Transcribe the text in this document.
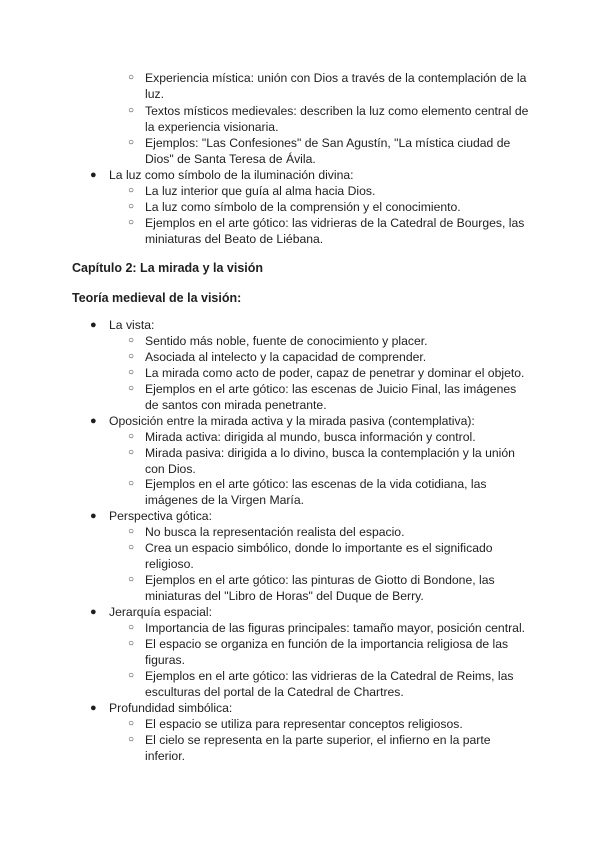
○ Experiencia mística: unión con Dios a través de la contemplación de la luz.
○ Textos místicos medievales: describen la luz como elemento central de la experiencia visionaria.
○ Ejemplos: "Las Confesiones" de San Agustín, "La mística ciudad de Dios" de Santa Teresa de Ávila.
● La luz como símbolo de la iluminación divina:
○ La luz interior que guía al alma hacia Dios.
○ La luz como símbolo de la comprensión y el conocimiento.
○ Ejemplos en el arte gótico: las vidrieras de la Catedral de Bourges, las miniaturas del Beato de Liébana.
Capítulo 2: La mirada y la visión
Teoría medieval de la visión:
● La vista:
○ Sentido más noble, fuente de conocimiento y placer.
○ Asociada al intelecto y la capacidad de comprender.
○ La mirada como acto de poder, capaz de penetrar y dominar el objeto.
○ Ejemplos en el arte gótico: las escenas de Juicio Final, las imágenes de santos con mirada penetrante.
● Oposición entre la mirada activa y la mirada pasiva (contemplativa):
○ Mirada activa: dirigida al mundo, busca información y control.
○ Mirada pasiva: dirigida a lo divino, busca la contemplación y la unión con Dios.
○ Ejemplos en el arte gótico: las escenas de la vida cotidiana, las imágenes de la Virgen María.
● Perspectiva gótica:
○ No busca la representación realista del espacio.
○ Crea un espacio simbólico, donde lo importante es el significado religioso.
○ Ejemplos en el arte gótico: las pinturas de Giotto di Bondone, las miniaturas del "Libro de Horas" del Duque de Berry.
● Jerarquía espacial:
○ Importancia de las figuras principales: tamaño mayor, posición central.
○ El espacio se organiza en función de la importancia religiosa de las figuras.
○ Ejemplos en el arte gótico: las vidrieras de la Catedral de Reims, las esculturas del portal de la Catedral de Chartres.
● Profundidad simbólica:
○ El espacio se utiliza para representar conceptos religiosos.
○ El cielo se representa en la parte superior, el infierno en la parte inferior.
